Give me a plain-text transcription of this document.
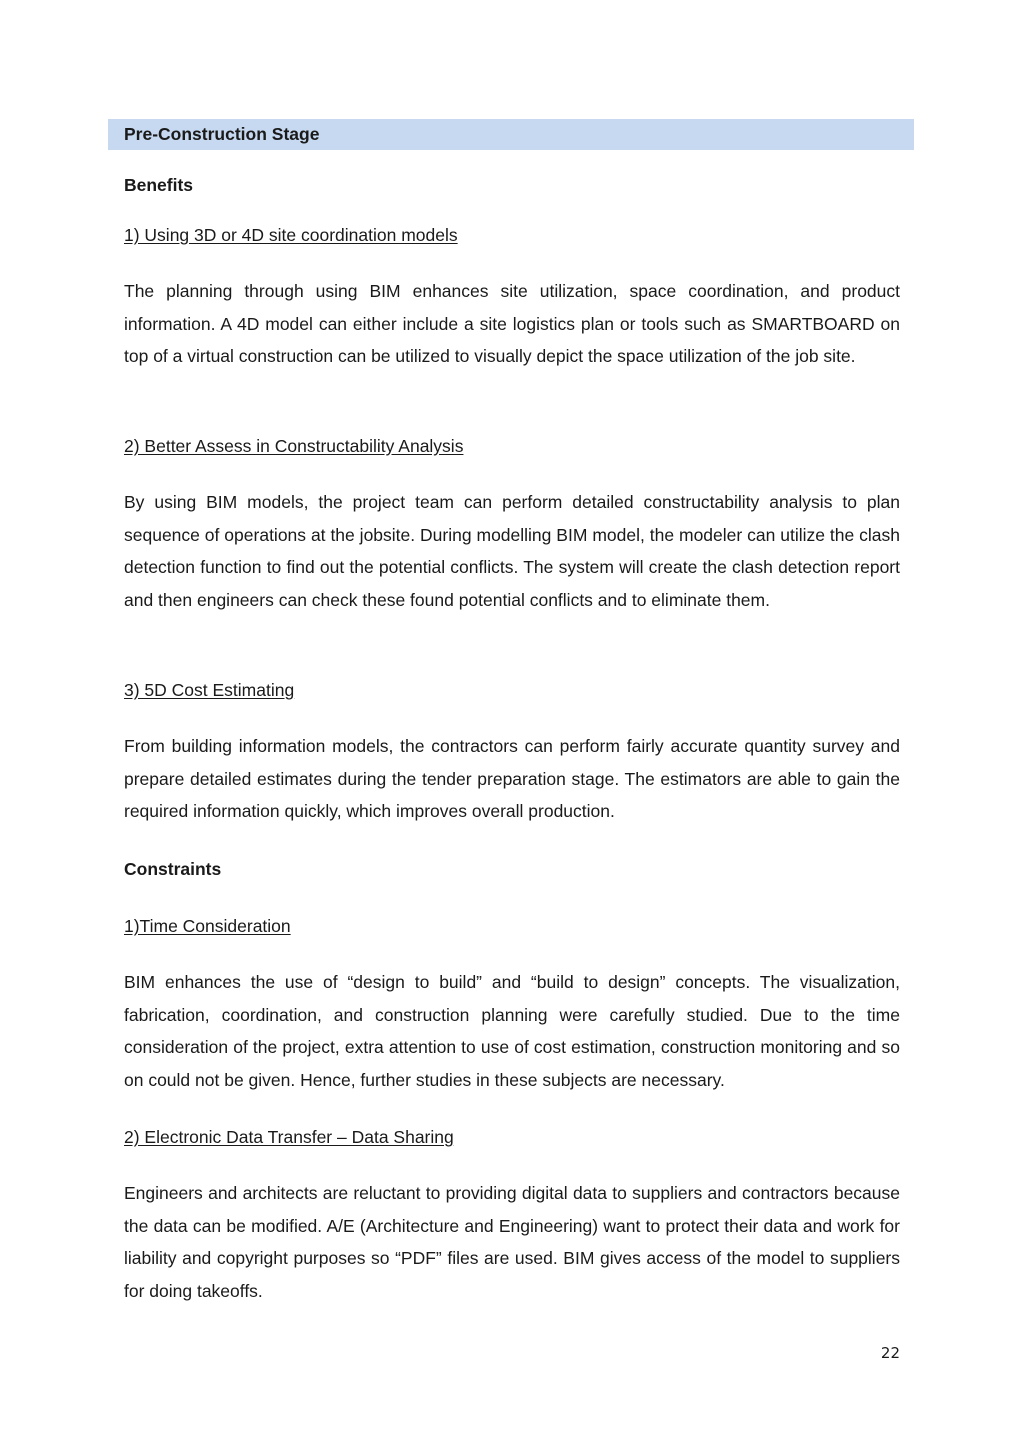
Pre-Construction Stage
Benefits
1) Using 3D or 4D site coordination models

The planning through using BIM enhances site utilization, space coordination, and product information. A 4D model can either include a site logistics plan or tools such as SMARTBOARD on top of a virtual construction can be utilized to visually depict the space utilization of the job site.

2) Better Assess in Constructability Analysis

By using BIM models, the project team can perform detailed constructability analysis to plan sequence of operations at the jobsite. During modelling BIM model, the modeler can utilize the clash detection function to find out the potential conflicts. The system will create the clash detection report and then engineers can check these found potential conflicts and to eliminate them.

3) 5D Cost Estimating

From building information models, the contractors can perform fairly accurate quantity survey and prepare detailed estimates during the tender preparation stage. The estimators are able to gain the required information quickly, which improves overall production.

Constraints
1)Time Consideration

BIM enhances the use of “design to build” and “build to design” concepts. The visualization, fabrication, coordination, and construction planning were carefully studied. Due to the time consideration of the project, extra attention to use of cost estimation, construction monitoring and so on could not be given. Hence, further studies in these subjects are necessary.

2) Electronic Data Transfer – Data Sharing

Engineers and architects are reluctant to providing digital data to suppliers and contractors because the data can be modified. A/E (Architecture and Engineering) want to protect their data and work for liability and copyright purposes so “PDF” files are used. BIM gives access of the model to suppliers for doing takeoffs.

22
